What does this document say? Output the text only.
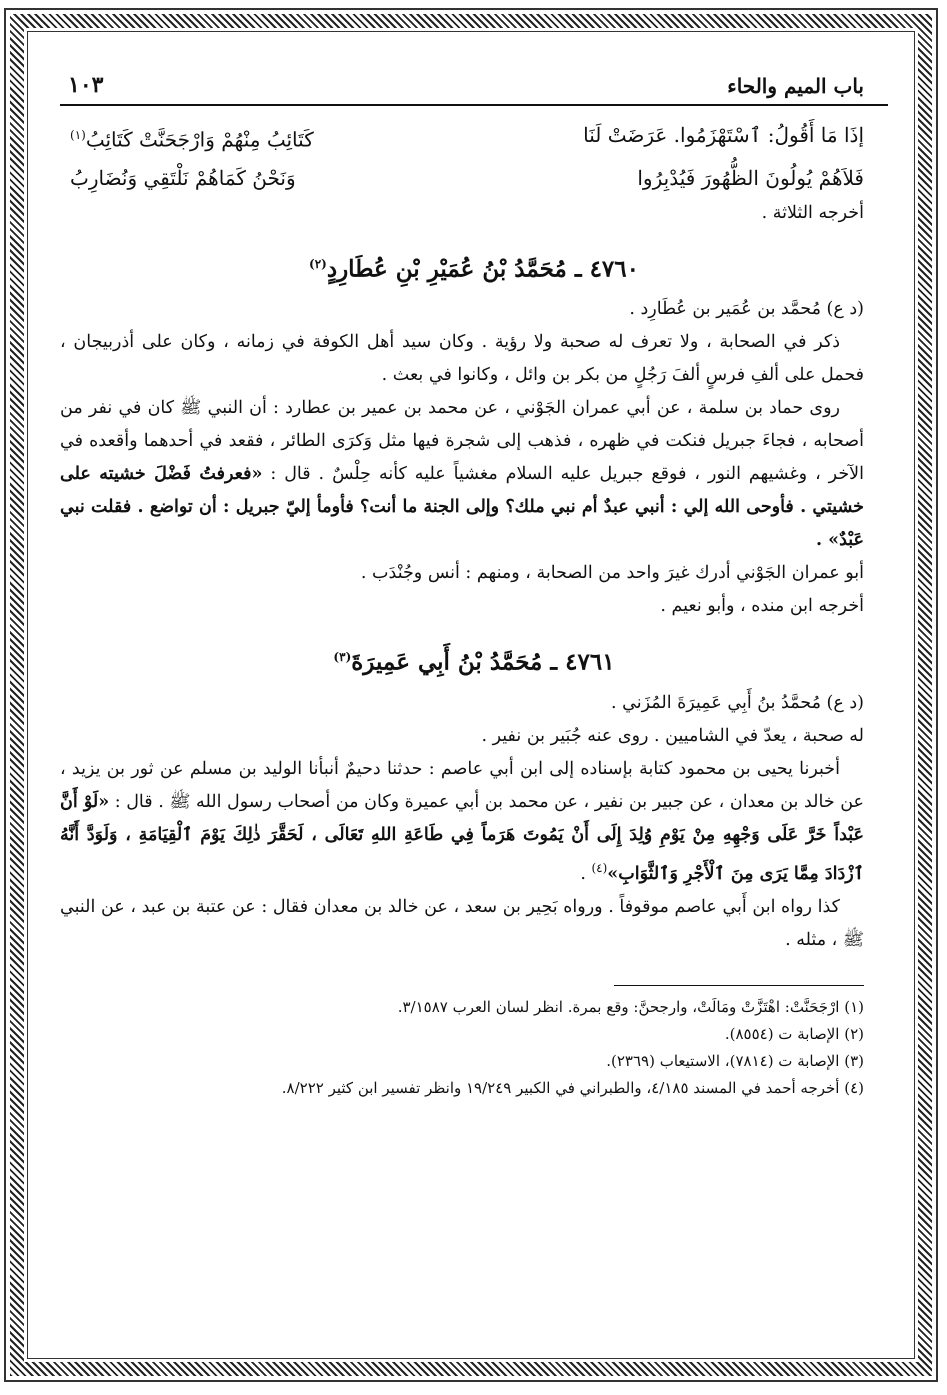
باب الميم والحاء
١٠٣
إذَا مَا أَقُولُ: ٱسْتَهْزَمُوا. عَرَضَتْ لَنَا
كَتَائِبُ مِنْهُمْ وَارْجَحَنَّتْ كَتَائِبُ$^{(١)}$
فَلاَهُمْ يُولُونَ الظُّهُورَ فَيُدْبِرُوا
وَنَحْنُ كَمَاهُمْ نَلْتَقِي وَنُضَارِبُ

أخرجه الثلاثة .

٤٧٦٠ ـ مُحَمَّدُ بْنُ عُمَيْرِ بْنِ عُطَارِدٍ$^{(٢)}$

(د ع) مُحمَّد بن عُمَير بن عُطَارِد .

ذكر في الصحابة ، ولا تعرف له صحبة ولا رؤية . وكان سيد أهل الكوفة في زمانه ، وكان على أذربيجان ، فحمل على ألفِ فرسٍ ألفَ رَجُلٍ من بكر بن وائل ، وكانوا في بعث .

روى حماد بن سلمة ، عن أبي عمران الجَوْني ، عن محمد بن عمير بن عطارد : أن النبي ﷺ كان في نفر من أصحابه ، فجاءَ جبريل فنكت في ظهره ، فذهب إلى شجرة فيها مثل وَكرَى الطائر ، فقعد في أحدهما وأقعده في الآخر ، وغشيهم النور ، فوقع جبريل عليه السلام مغشياً عليه كأنه حِلْسٌ . قال : «فعرفتُ فَضْلَ خشيته على خشيتي . فأوحى الله إلي : أنبي عبدٌ أم نبي ملك؟ وإلى الجنة ما أنت؟ فأومأ إليّ جبريل : أن تواضع . فقلت نبي عَبْدٌ» .

أبو عمران الجَوْني أدرك غيرَ واحد من الصحابة ، ومنهم : أنس وجُنْدَب .

أخرجه ابن منده ، وأبو نعيم .

٤٧٦١ ـ مُحَمَّدُ بْنُ أَبِي عَمِيرَةَ$^{(٣)}$

(د ع) مُحمَّدُ بنُ أَبِي عَمِيرَةَ المُزَني .

له صحبة ، يعدّ في الشاميين . روى عنه جُبَير بن نفير .

أخبرنا يحيى بن محمود كتابة بإسناده إلى ابن أبي عاصم : حدثنا دحيمٌ أنبأنا الوليد بن مسلم عن ثور بن يزيد ، عن خالد بن معدان ، عن جبير بن نفير ، عن محمد بن أبي عميرة وكان من أصحاب رسول الله ﷺ . قال : «لَوْ أَنَّ عَبْداً خَرَّ عَلَى وَجْهِهِ مِنْ يَوْمِ وُلِدَ إِلَى أَنْ يَمُوتَ هَرَماً فِي طَاعَةِ اللهِ تَعَالَى ، لَحَقَّرَ ذٰلِكَ يَوْمَ ٱلْقِيَامَةِ ، وَلَوَدَّ أَنَّهُ ٱزْدَادَ مِمَّا يَرَى مِنَ ٱلْأَجْرِ وَٱلثَّوَابِ»$^{(٤)}$ .

كذا رواه ابن أَبي عاصم موقوفاً . ورواه بَحِير بن سعد ، عن خالد بن معدان فقال : عن عتبة بن عبد ، عن النبي ﷺ ، مثله .

(١) ارْجَحَنَّتْ: اهْتَزَّتْ ومَالَتْ، وارجحنَّ: وقع بمرة. انظر لسان العرب ٣/١٥٨٧.
(٢) الإصابة ت (٨٥٥٤).
(٣) الإصابة ت (٧٨١٤)، الاستيعاب (٢٣٦٩).
(٤) أخرجه أحمد في المسند ٤/١٨٥، والطبراني في الكبير ١٩/٢٤٩ وانظر تفسير ابن كثير ٨/٢٢٢.
